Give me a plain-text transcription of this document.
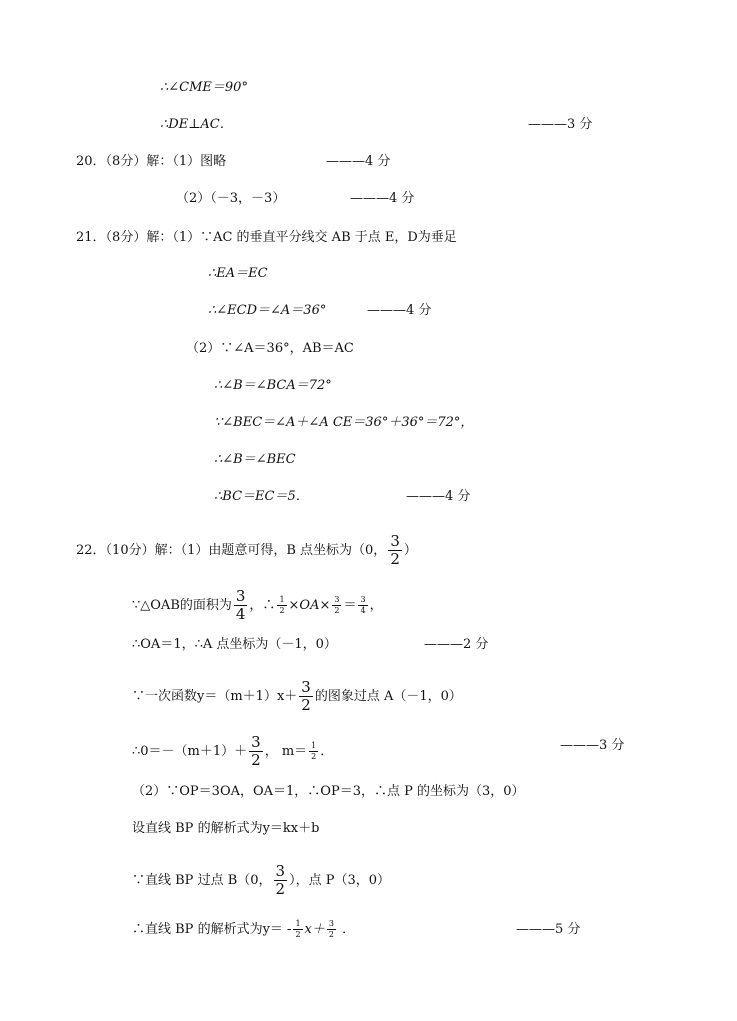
∴∠CME＝90°
∴DE⊥AC．	———3 分
20．（8分）解：（1）图略	———4 分
（2）（－3，－3）	———4 分
21．（8分）解：（1）∵AC 的垂直平分线交 AB 于点 E，D为垂足
∴EA＝EC
∴∠ECD＝∠A＝36°	———4 分
（2）∵∠A＝36°，AB＝AC
∴∠B＝∠BCA＝72°
∵∠BEC＝∠A＋∠A CE＝36°＋36°＝72°，
∴∠B＝∠BEC
∴BC＝EC＝5．	———4 分
22．（10分）解：（1）由题意可得，B 点坐标为（0， $\frac{3}{2}$ ）
∵△OAB的面积为 $\frac{3}{4}$ ，∴ $\frac{1}{2} \times OA\times \frac{3}{2} = \frac{3}{4}$ ，
∴OA＝1，∴A 点坐标为（－1，0）	———2 分
∵一次函数$y=(m+1)x+ \frac{3}{2}$ 的图象过点 A（－1，0）
∴0＝－（m＋1）＋ $\frac{3}{2}$ ， $m= \frac{1}{2}$ ．	———3 分
（2）∵OP＝3OA，OA＝1，∴OP＝3，∴点 P 的坐标为（3，0）
设直线 BP 的解析式为y＝kx＋b
∵直线 BP 过点 B（0， $\frac{3}{2}$ ），点 P（3，0）
∴直线 BP 的解析式为$y= - \frac{1}{2} x+ \frac{3}{2}$ ．	———5 分
